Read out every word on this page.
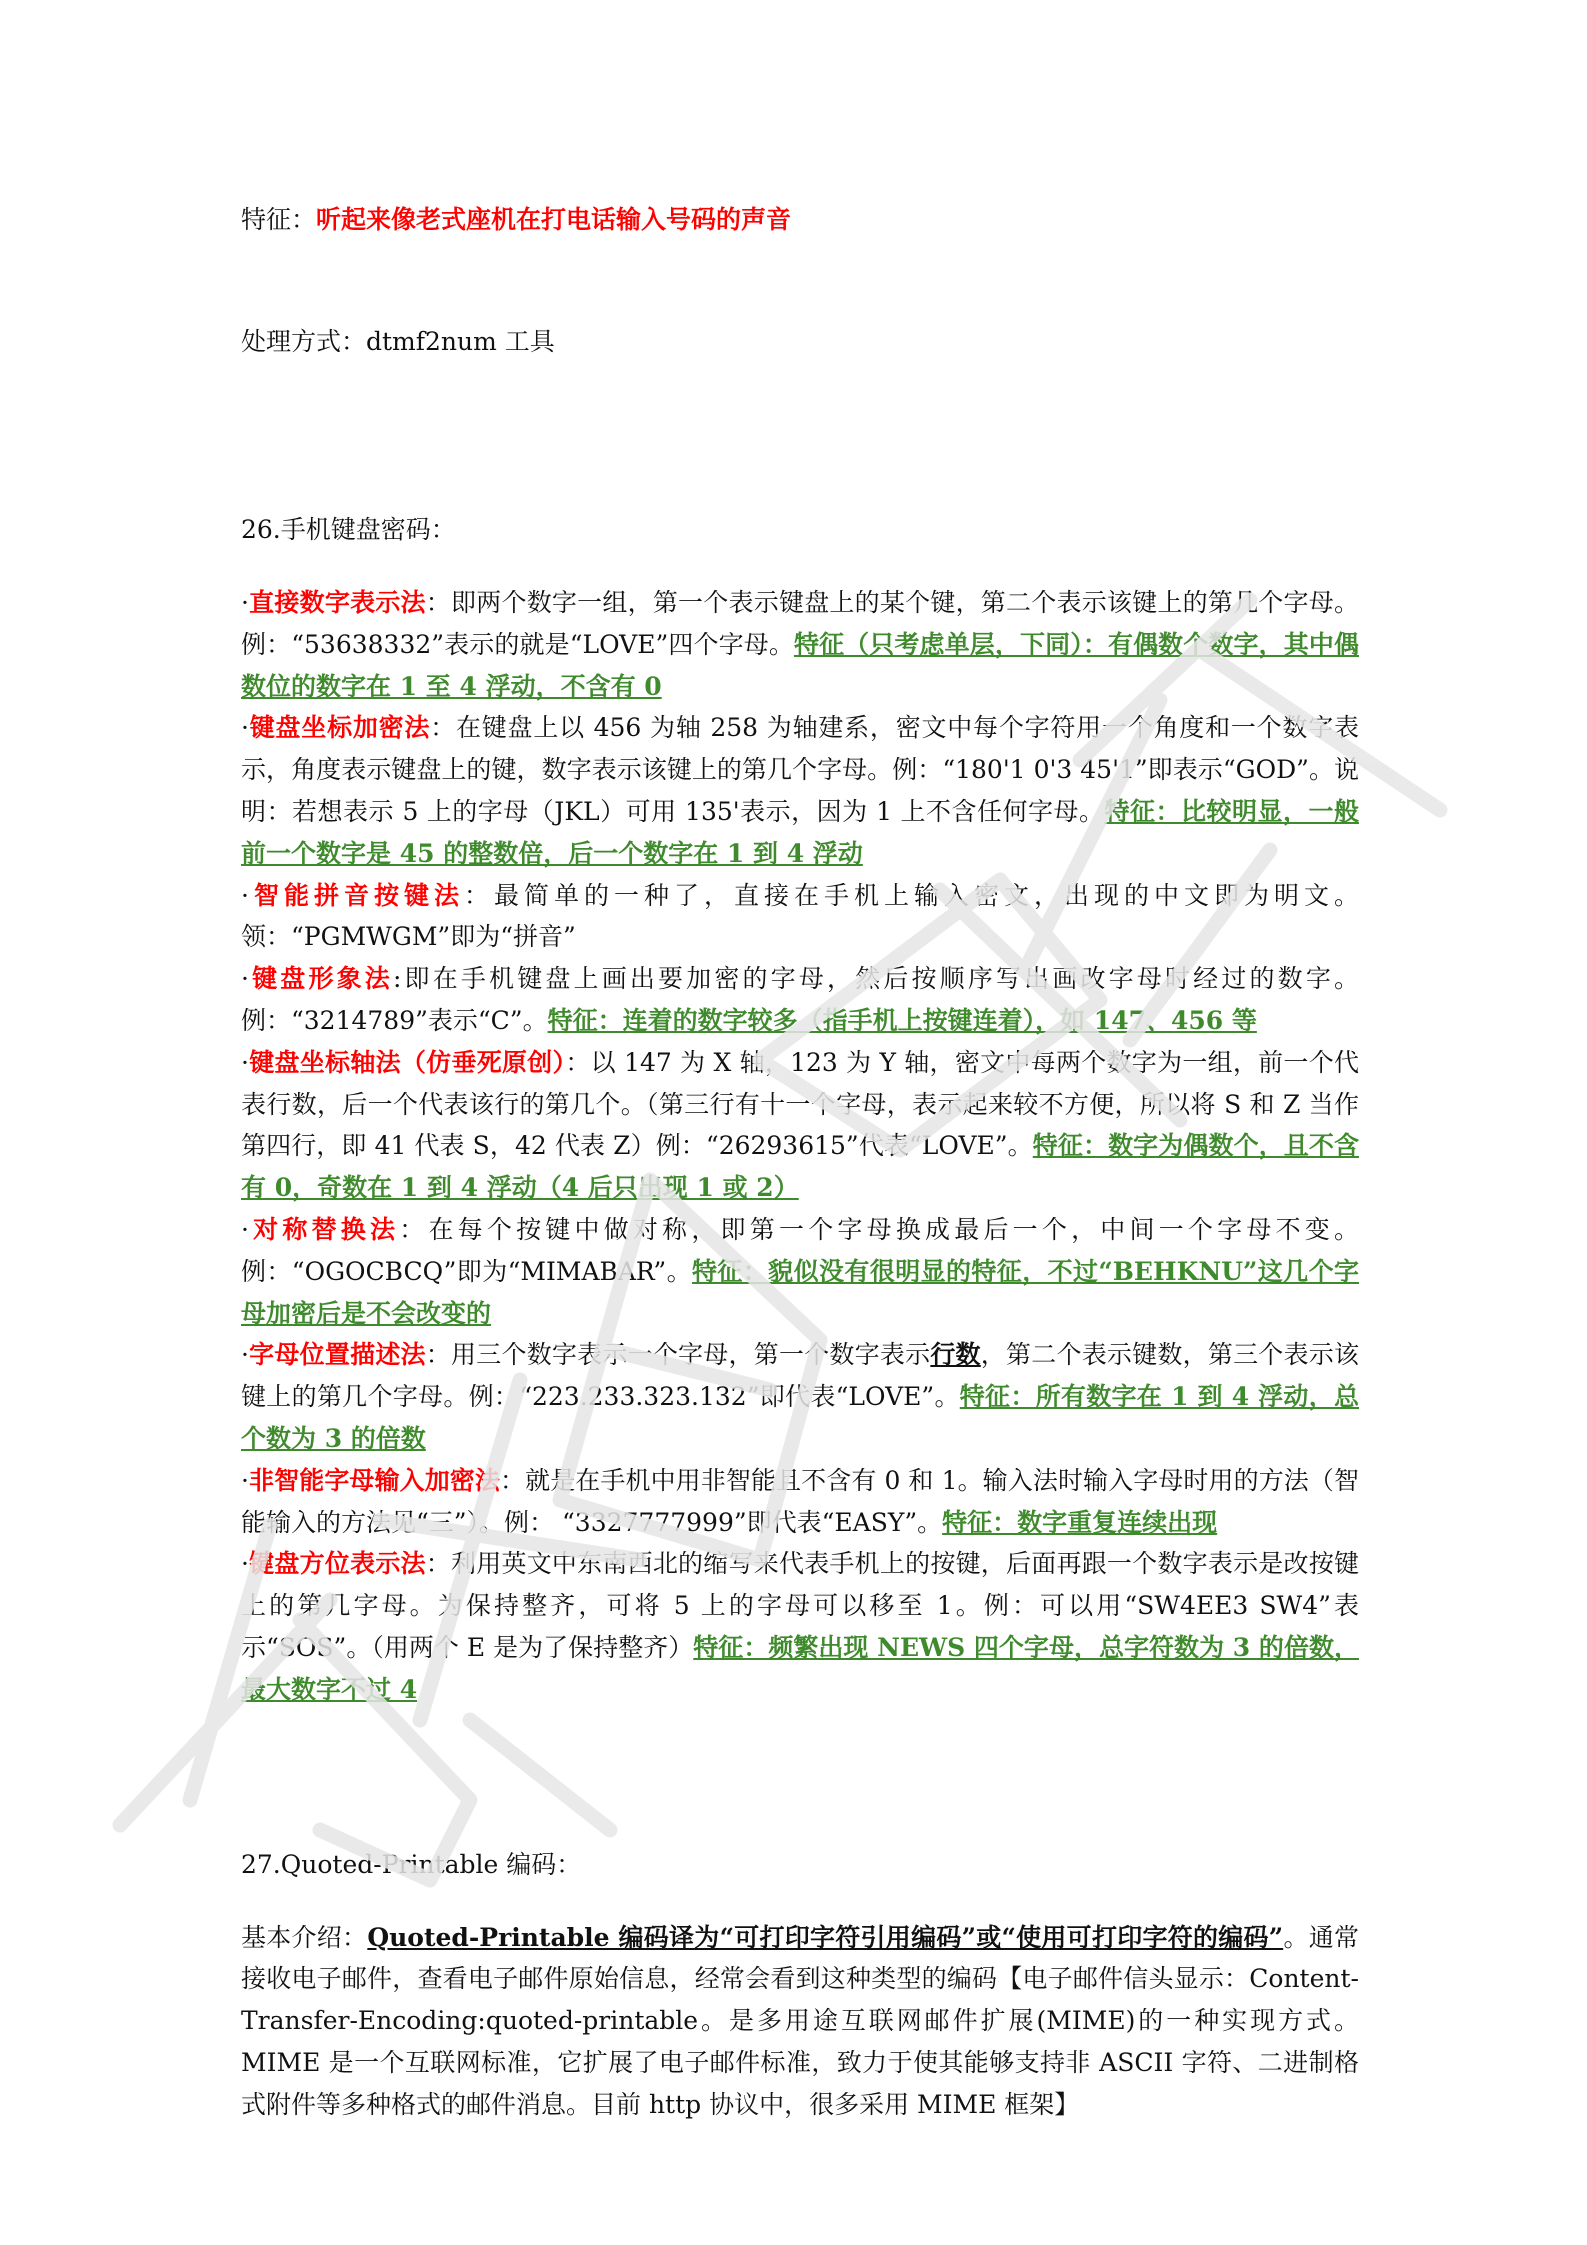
特征：听起来像老式座机在打电话输入号码的声音
处理方式：dtmf2num 工具
26.手机键盘密码：
·直接数字表示法：即两个数字一组，第一个表示键盘上的某个键，第二个表示该键上的第几个字母。例：“53638332”表示的就是“LOVE”四个字母。特征（只考虑单层，下同）：有偶数个数字，其中偶数位的数字在 1 至 4 浮动，不含有 0
·键盘坐标加密法：在键盘上以 456 为轴 258 为轴建系，密文中每个字符用一个角度和一个数字表示，角度表示键盘上的键，数字表示该键上的第几个字母。例：“180'1 0'3 45'1”即表示“GOD”。说明：若想表示 5 上的字母（JKL）可用 135'表示，因为 1 上不含任何字母。特征：比较明显，一般前一个数字是 45 的整数倍，后一个数字在 1 到 4 浮动
·智能拼音按键法：最简单的一种了，直接在手机上输入密文，出现的中文即为明文。领：“PGMWGM”即为“拼音”
·键盘形象法:即在手机键盘上画出要加密的字母，然后按顺序写出画改字母时经过的数字。例：“3214789”表示“C”。特征：连着的数字较多（指手机上按键连着），如 147、456 等
·键盘坐标轴法（仿垂死原创）：以 147 为 X 轴，123 为 Y 轴，密文中每两个数字为一组，前一个代表行数，后一个代表该行的第几个。（第三行有十一个字母，表示起来较不方便，所以将 S 和 Z 当作第四行，即 41 代表 S，42 代表 Z）例：“26293615”代表“LOVE”。特征：数字为偶数个，且不含有 0，奇数在 1 到 4 浮动（4 后只出现 1 或 2）
·对称替换法：在每个按键中做对称，即第一个字母换成最后一个，中间一个字母不变。例：“OGOCBCQ”即为“MIMABAR”。特征：貌似没有很明显的特征，不过“BEHKNU”这几个字母加密后是不会改变的
·字母位置描述法：用三个数字表示一个字母，第一个数字表示行数，第二个表示键数，第三个表示该键上的第几个字母。例：“223.233.323.132”即代表“LOVE”。特征：所有数字在 1 到 4 浮动，总个数为 3 的倍数
·非智能字母输入加密法：就是在手机中用非智能且不含有 0 和 1。输入法时输入字母时用的方法（智能输入的方法见“三”）。例： “3327777999”即代表“EASY”。特征：数字重复连续出现
·键盘方位表示法：利用英文中东南西北的缩写来代表手机上的按键，后面再跟一个数字表示是改按键上的第几字母。为保持整齐，可将 5 上的字母可以移至 1。例：可以用“SW4EE3 SW4”表示“SOS”。（用两个 E 是为了保持整齐）特征：频繁出现 NEWS 四个字母，总字符数为 3 的倍数，最大数字不过 4
27.Quoted-Printable 编码：
基本介绍：Quoted-Printable 编码译为“可打印字符引用编码”或“使用可打印字符的编码”。通常接收电子邮件，查看电子邮件原始信息，经常会看到这种类型的编码【电子邮件信头显示：Content-Transfer-Encoding:quoted-printable。是多用途互联网邮件扩展(MIME)的一种实现方式。MIME 是一个互联网标准，它扩展了电子邮件标准，致力于使其能够支持非 ASCII 字符、二进制格式附件等多种格式的邮件消息。目前 http 协议中，很多采用 MIME 框架】
